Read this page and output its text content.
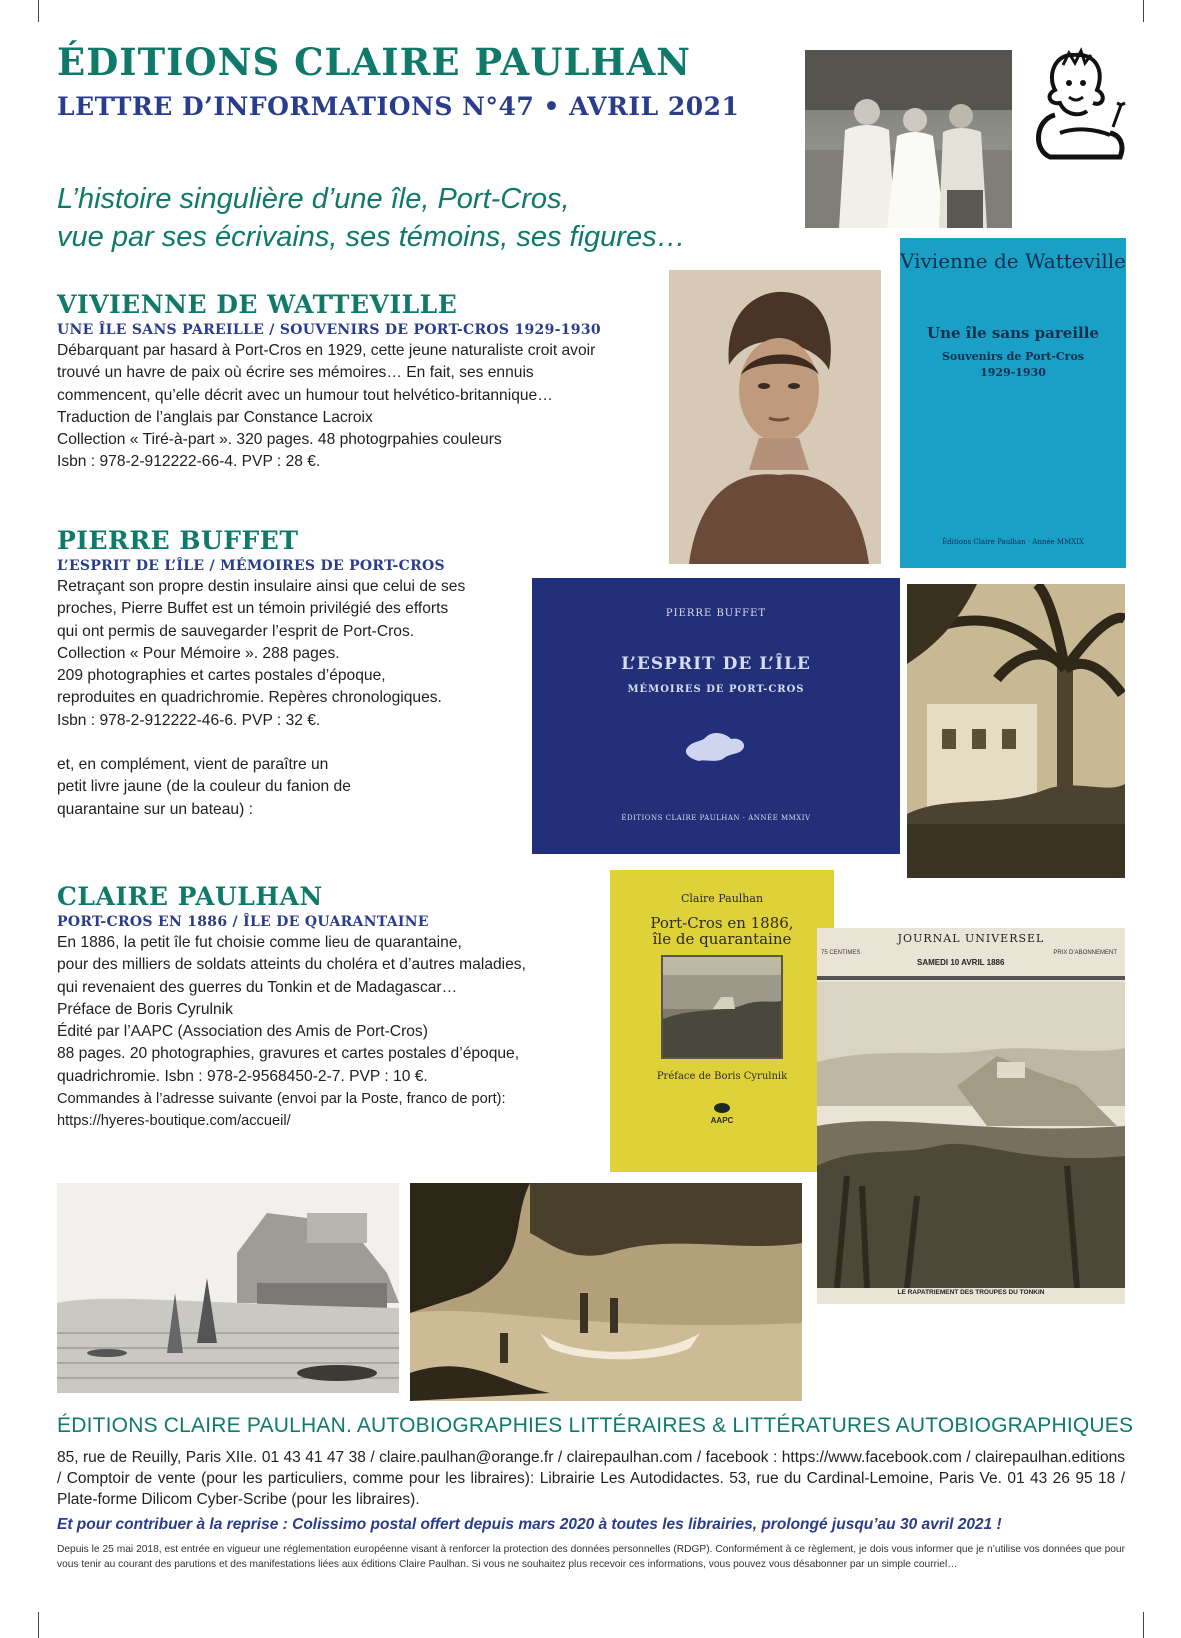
ÉDITIONS CLAIRE PAULHAN
LETTRE D’INFORMATIONS N°47 • AVRIL 2021
L’histoire singulière d’une île, Port-Cros,
vue par ses écrivains, ses témoins, ses figures…
VIVIENNE DE WATTEVILLE
UNE ÎLE SANS PAREILLE / SOUVENIRS DE PORT-CROS 1929-1930
Débarquant par hasard à Port-Cros en 1929, cette jeune naturaliste croit avoir
trouvé un havre de paix où écrire ses mémoires… En fait, ses ennuis
commencent, qu’elle décrit avec un humour tout helvético-britannique…
Traduction de l’anglais par Constance Lacroix
Collection « Tiré-à-part ». 320 pages. 48 photogrpahies couleurs
Isbn : 978-2-912222-66-4. PVP : 28 €.
Vivienne de Watteville
Une île sans pareille
Souvenirs de Port-Cros
1929-1930
Éditions Claire Paulhan · Année MMXIX
PIERRE BUFFET
L’ESPRIT DE L’ÎLE / MÉMOIRES DE PORT-CROS
Retraçant son propre destin insulaire ainsi que celui de ses
proches, Pierre Buffet est un témoin privilégié des efforts
qui ont permis de sauvegarder l’esprit de Port-Cros.
Collection « Pour Mémoire ». 288 pages.
209 photographies et cartes postales d’époque,
reproduites en quadrichromie. Repères chronologiques.
Isbn : 978-2-912222-46-6. PVP : 32 €.
et, en complément, vient de paraître un
petit livre jaune (de la couleur du fanion de
quarantaine sur un bateau) :
PIERRE BUFFET
L’ESPRIT DE L’ÎLE
MÉMOIRES DE PORT-CROS
ÉDITIONS CLAIRE PAULHAN · ANNÉE MMXIV
CLAIRE PAULHAN
PORT-CROS EN 1886 / ÎLE DE QUARANTAINE
En 1886, la petit île fut choisie comme lieu de quarantaine,
pour des milliers de soldats atteints du choléra et d’autres maladies,
qui revenaient des guerres du Tonkin et de Madagascar…
Préface de Boris Cyrulnik
Édité par l’AAPC (Association des Amis de Port-Cros)
88 pages. 20 photographies, gravures et cartes postales d’époque,
quadrichromie. Isbn : 978-2-9568450-2-7. PVP : 10 €.
Commandes à l’adresse suivante (envoi par la Poste, franco de port):
https://hyeres-boutique.com/accueil/
Claire Paulhan
Port-Cros en 1886,
île de quarantaine
Préface de Boris Cyrulnik
AAPC
JOURNAL UNIVERSEL
75 CENTIMES
SAMEDI 10 AVRIL 1886
PRIX D’ABONNEMENT
LE RAPATRIEMENT DES TROUPES DU TONKIN
ÉDITIONS CLAIRE PAULHAN. AUTOBIOGRAPHIES LITTÉRAIRES & LITTÉRATURES AUTOBIOGRAPHIQUES
85, rue de Reuilly, Paris XIIe. 01 43 41 47 38 / claire.paulhan@orange.fr / clairepaulhan.com / facebook : https://www.facebook.com / clairepaulhan.editions / Comptoir de vente (pour les particuliers, comme pour les libraires): Librairie Les Autodidactes. 53, rue du Cardinal-Lemoine, Paris Ve. 01 43 26 95 18 / Plate-forme Dilicom Cyber-Scribe (pour les libraires).
Et pour contribuer à la reprise : Colissimo postal offert depuis mars 2020 à toutes les librairies, prolongé jusqu’au 30 avril 2021 !
Depuis le 25 mai 2018, est entrée en vigueur une réglementation européenne visant à renforcer la protection des données personnelles (RDGP). Conformément à ce règlement, je dois vous informer que je n’utilise vos données que pour vous tenir au courant des parutions et des manifestations liées aux éditions Claire Paulhan. Si vous ne souhaitez plus recevoir ces informations, vous pouvez vous désabonner par un simple courriel…
